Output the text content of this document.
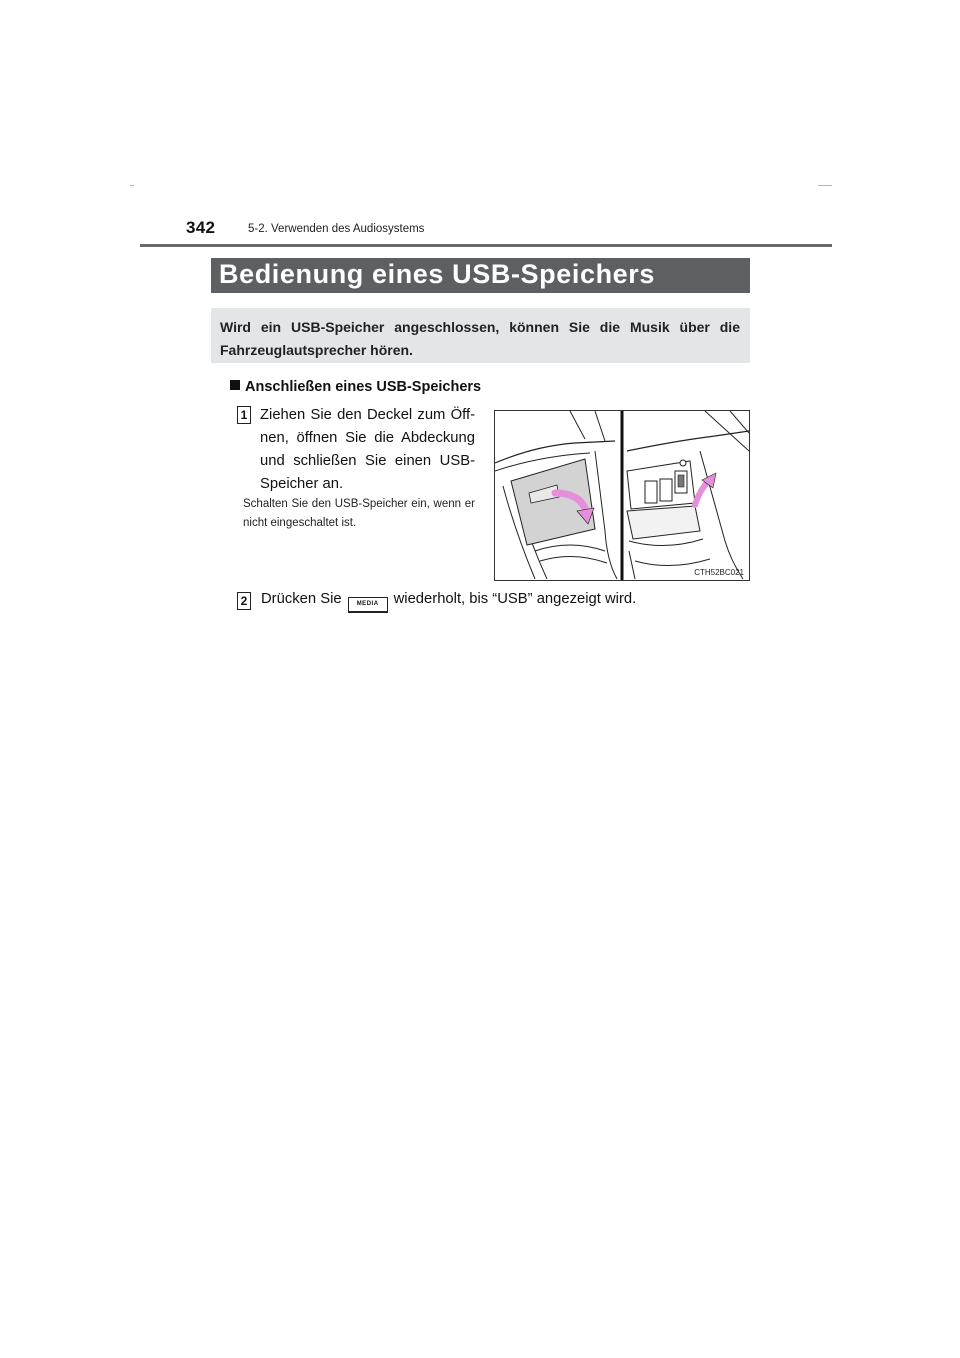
342	5-2. Verwenden des Audiosystems
Bedienung eines USB-Speichers
Wird ein USB-Speicher angeschlossen, können Sie die Musik über die Fahrzeuglautsprecher hören.
Anschließen eines USB-Speichers
1 Ziehen Sie den Deckel zum Öff-nen, öffnen Sie die Abdeckung und schließen Sie einen USB-Speicher an.
Schalten Sie den USB-Speicher ein, wenn er nicht eingeschaltet ist.
CTH52BC021
2 Drücken Sie	MEDIA wiederholt, bis “USB” angezeigt wird.
